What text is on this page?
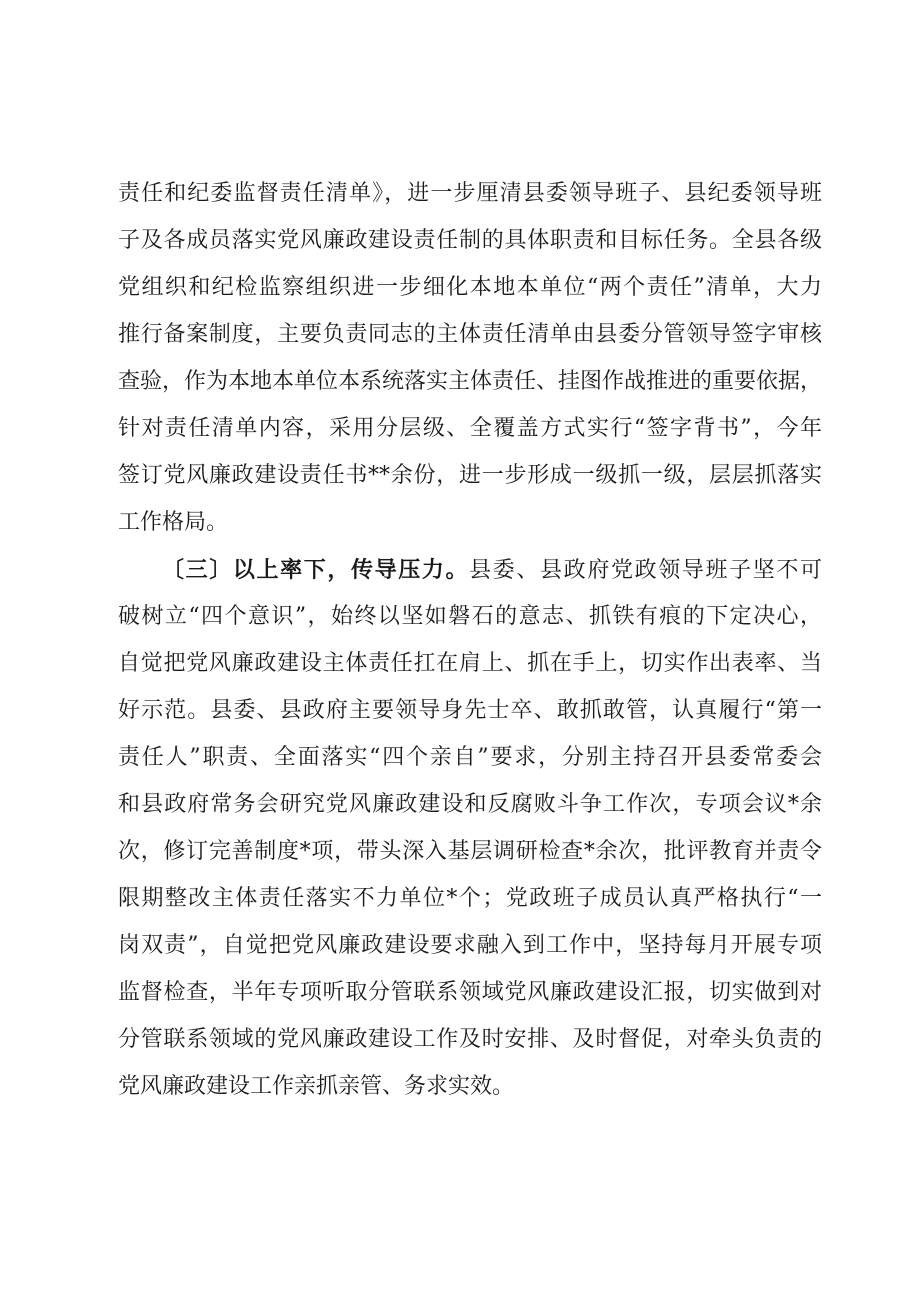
责任和纪委监督责任清单》，进一步厘清县委领导班子、县纪委领导班
子及各成员落实党风廉政建设责任制的具体职责和目标任务。全县各级
党组织和纪检监察组织进一步细化本地本单位“两个责任”清单，大力
推行备案制度，主要负责同志的主体责任清单由县委分管领导签字审核
查验，作为本地本单位本系统落实主体责任、挂图作战推进的重要依据，
针对责任清单内容，采用分层级、全覆盖方式实行“签字背书”，今年
签订党风廉政建设责任书**余份，进一步形成一级抓一级，层层抓落实
工作格局。
〔三〕以上率下，传导压力。县委、县政府党政领导班子坚不可
破树立“四个意识”，始终以坚如磐石的意志、抓铁有痕的下定决心，
自觉把党风廉政建设主体责任扛在肩上、抓在手上，切实作出表率、当
好示范。县委、县政府主要领导身先士卒、敢抓敢管，认真履行“第一
责任人”职责、全面落实“四个亲自”要求，分别主持召开县委常委会
和县政府常务会研究党风廉政建设和反腐败斗争工作次，专项会议*余
次，修订完善制度*项，带头深入基层调研检查*余次，批评教育并责令
限期整改主体责任落实不力单位*个；党政班子成员认真严格执行“一
岗双责”，自觉把党风廉政建设要求融入到工作中，坚持每月开展专项
监督检查，半年专项听取分管联系领域党风廉政建设汇报，切实做到对
分管联系领域的党风廉政建设工作及时安排、及时督促，对牵头负责的
党风廉政建设工作亲抓亲管、务求实效。
